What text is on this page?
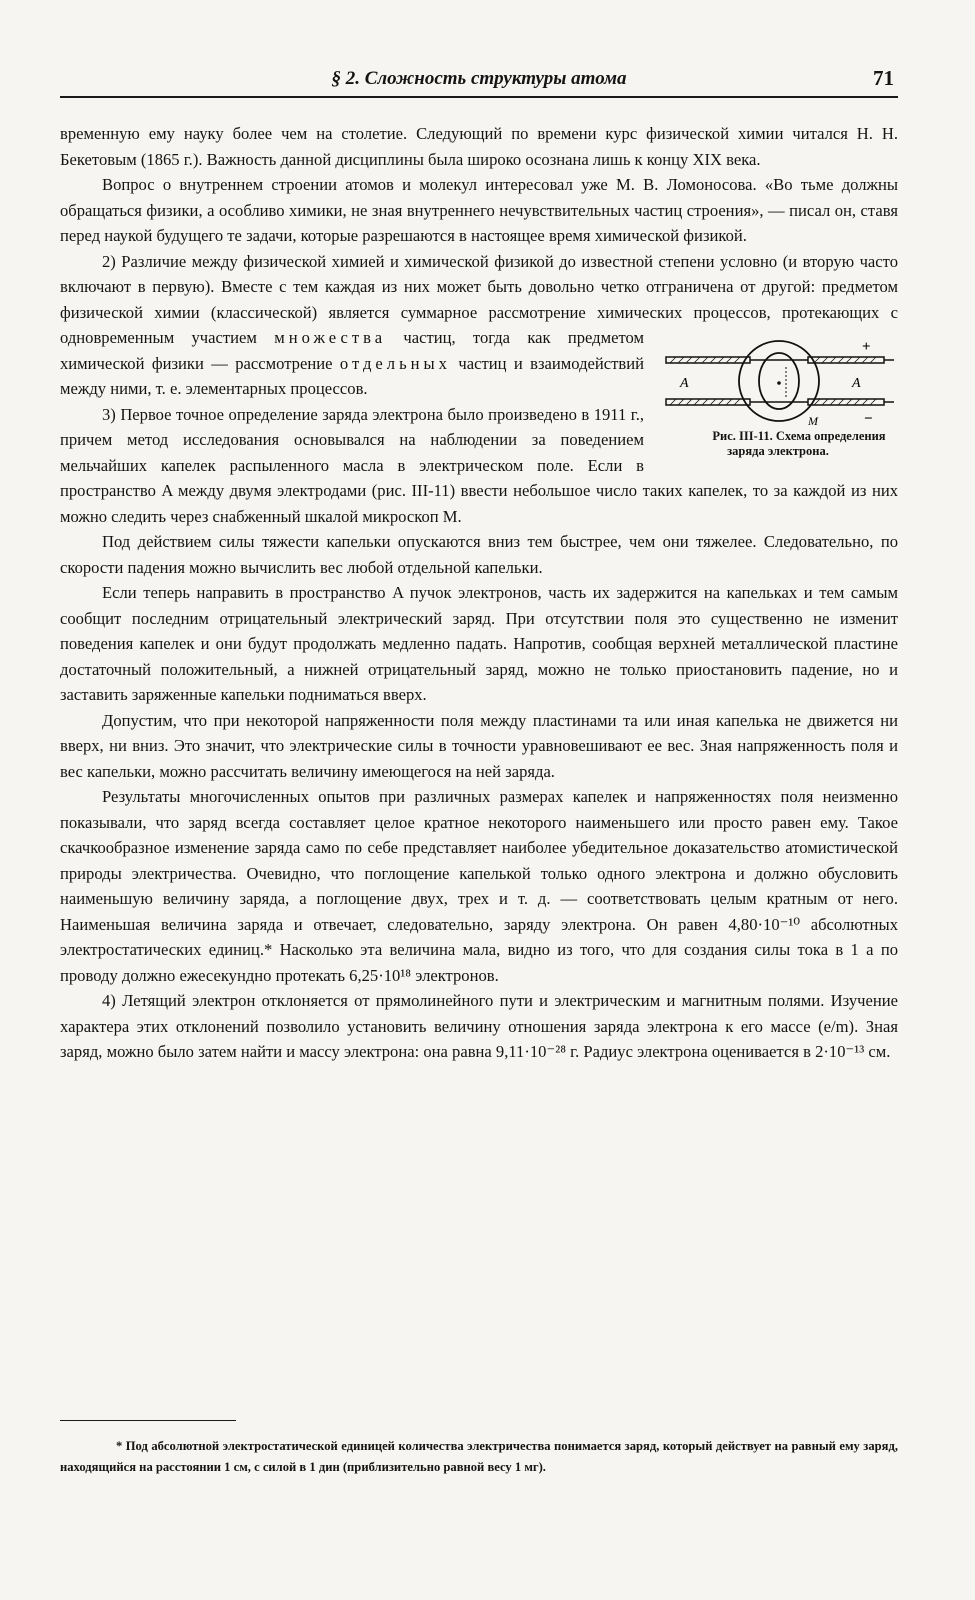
§ 2. Сложность структуры атома	71

временную ему науку более чем на столетие. Следующий по времени курс физической химии читался Н. Н. Бекетовым (1865 г.). Важность данной дисциплины была широко осознана лишь к концу XIX века.

Вопрос о внутреннем строении атомов и молекул интересовал уже М. В. Ломоносова. «Во тьме должны обращаться физики, а особливо химики, не зная внутреннего нечувствительных частиц строения», — писал он, ставя перед наукой будущего те задачи, которые разрешаются в настоящее время химической физикой.

2) Различие между физической химией и химической физикой до известной степени условно (и вторую часто включают в первую). Вместе с тем каждая из них может быть довольно четко отграничена от другой: предметом физической химии (классической) является суммарное рассмотрение химических процессов, протекающих
A	A
+
−
M
Рис. III-11. Схема определения заряда электрона.
с одновременным участием множества частиц, тогда как предметом химической физики — рассмотрение отдельных частиц и взаимодействий между ними, т. е. элементарных процессов.

3) Первое точное определение заряда электрона было произведено в 1911 г., причем метод исследования основывался на наблюдении за поведением мельчайших капелек распыленного масла в электрическом поле. Если в пространство A между двумя электродами (рис. III-11) ввести небольшое число таких капелек, то за каждой из них можно следить через снабженный шкалой микроскоп M.

Под действием силы тяжести капельки опускаются вниз тем быстрее, чем они тяжелее. Следовательно, по скорости падения можно вычислить вес любой отдельной капельки.

Если теперь направить в пространство A пучок электронов, часть их задержится на капельках и тем самым сообщит последним отрицательный электрический заряд. При отсутствии поля это существенно не изменит поведения капелек и они будут продолжать медленно падать. Напротив, сообщая верхней металлической пластине достаточный положительный, а нижней отрицательный заряд, можно не только приостановить падение, но и заставить заряженные капельки подниматься вверх.

Допустим, что при некоторой напряженности поля между пластинами та или иная капелька не движется ни вверх, ни вниз. Это значит, что электрические силы в точности уравновешивают ее вес. Зная напряженность поля и вес капельки, можно рассчитать величину имеющегося на ней заряда.

Результаты многочисленных опытов при различных размерах капелек и напряженностях поля неизменно показывали, что заряд всегда составляет целое кратное некоторого наименьшего или просто равен ему. Такое скачкообразное изменение заряда само по себе представляет наиболее убедительное доказательство атомистической природы электричества. Очевидно, что поглощение капелькой только одного электрона и должно обусловить наименьшую величину заряда, а поглощение двух, трех и т. д. — соответствовать целым кратным от него. Наименьшая величина заряда и отвечает, следовательно, заряду электрона. Он равен 4,80·10⁻¹⁰ абсолютных электростатических единиц.* Насколько эта величина мала, видно из того, что для создания силы тока в 1 а по проводу должно ежесекундно протекать 6,25·10¹⁸ электронов.

4) Летящий электрон отклоняется от прямолинейного пути и электрическим и магнитным полями. Изучение характера этих отклонений позволило установить величину отношения заряда электрона к его массе (e/m). Зная заряд, можно было затем найти и массу электрона: она равна 9,11·10⁻²⁸ г. Радиус электрона оценивается в 2·10⁻¹³ см.

* Под абсолютной электростатической единицей количества электричества понимается заряд, который действует на равный ему заряд, находящийся на расстоянии 1 см, с силой в 1 дин (приблизительно равной весу 1 мг).
